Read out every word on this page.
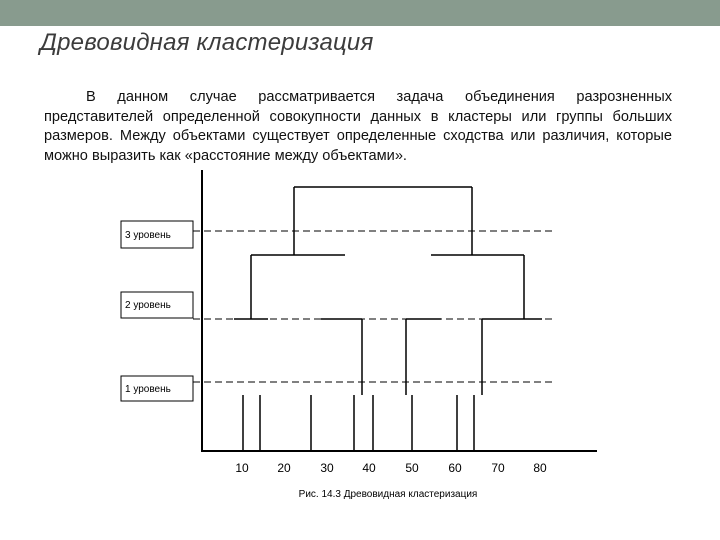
Древовидная кластеризация
В данном случае рассматривается задача объединения разрозненных представителей определенной совокупности данных в кластеры или группы больших размеров. Между объектами существует определенные сходства или различия, которые можно выразить как «расстояние между объектами».
3 уровень
2 уровень
1 уровень
10 20 30 40 50 60 70 80
Рис. 14.3 Древовидная кластеризация
